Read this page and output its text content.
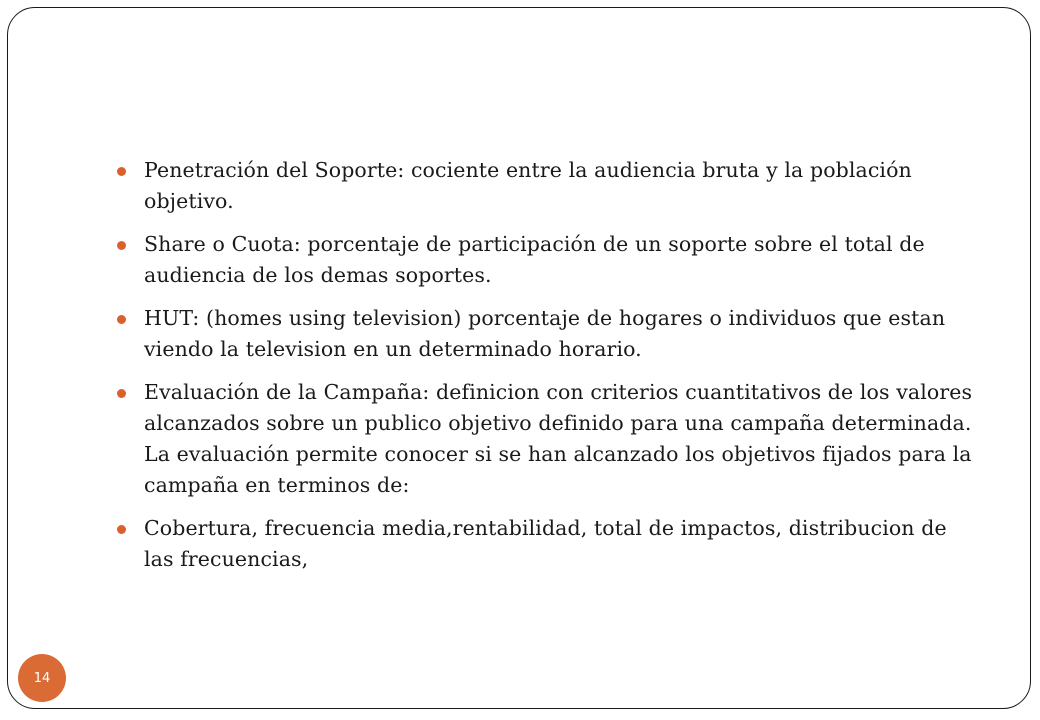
Penetración del Soporte: cociente entre la audiencia bruta y la población objetivo.
Share o Cuota: porcentaje de participación de un soporte sobre el total de audiencia de los demas soportes.
HUT: (homes using television) porcentaje de hogares o individuos que estan viendo la television en un determinado horario.
Evaluación de la Campaña: definicion con criterios cuantitativos de los valores alcanzados sobre un publico objetivo definido para una campaña determinada. La evaluación permite conocer si se han alcanzado los objetivos fijados para la campaña en terminos de:
Cobertura, frecuencia media,rentabilidad, total de impactos, distribucion de las frecuencias,
14
